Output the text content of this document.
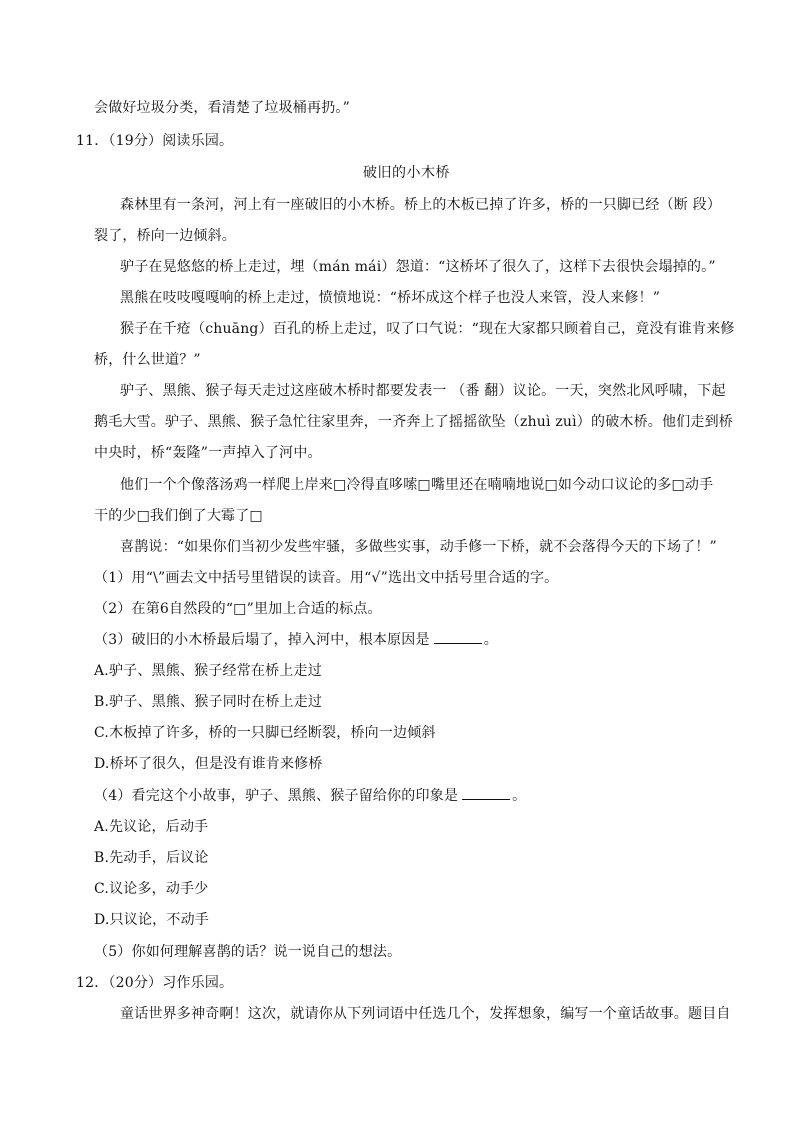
会做好垃圾分类，看清楚了垃圾桶再扔。”
11．（19分）阅读乐园。
破旧的小木桥
森林里有一条河，河上有一座破旧的小木桥。桥上的木板已掉了许多，桥的一只脚已经（断 段）
裂了，桥向一边倾斜。
驴子在晃悠悠的桥上走过，埋（mán mái）怨道：“这桥坏了很久了，这样下去很快会塌掉的。”
黑熊在吱吱嘎嘎响的桥上走过，愤愤地说：“桥坏成这个样子也没人来管，没人来修！”
猴子在千疮（chuāng）百孔的桥上走过，叹了口气说：“现在大家都只顾着自己，竟没有谁肯来修
桥，什么世道？”
驴子、黑熊、猴子每天走过这座破木桥时都要发表一 （番 翻）议论。一天，突然北风呼啸，下起
鹅毛大雪。驴子、黑熊、猴子急忙往家里奔，一齐奔上了摇摇欲坠（zhuì zuì）的破木桥。他们走到桥
中央时，桥“轰隆”一声掉入了河中。
他们一个个像落汤鸡一样爬上岸来□冷得直哆嗦□嘴里还在喃喃地说□如今动口议论的多□动手
干的少□我们倒了大霉了□
喜鹊说：“如果你们当初少发些牢骚，多做些实事，动手修一下桥，就不会落得今天的下场了！”
（1）用“\”画去文中括号里错误的读音。用“√”选出文中括号里合适的字。
（2）在第6自然段的“□”里加上合适的标点。
（3）破旧的小木桥最后塌了，掉入河中，根本原因是	。
A.驴子、黑熊、猴子经常在桥上走过
B.驴子、黑熊、猴子同时在桥上走过
C.木板掉了许多，桥的一只脚已经断裂，桥向一边倾斜
D.桥坏了很久，但是没有谁肯来修桥
（4）看完这个小故事，驴子、黑熊、猴子留给你的印象是	。
A.先议论，后动手
B.先动手，后议论
C.议论多，动手少
D.只议论，不动手
（5）你如何理解喜鹊的话？说一说自己的想法。
12．（20分）习作乐园。
童话世界多神奇啊！这次，就请你从下列词语中任选几个，发挥想象，编写一个童话故事。题目自
